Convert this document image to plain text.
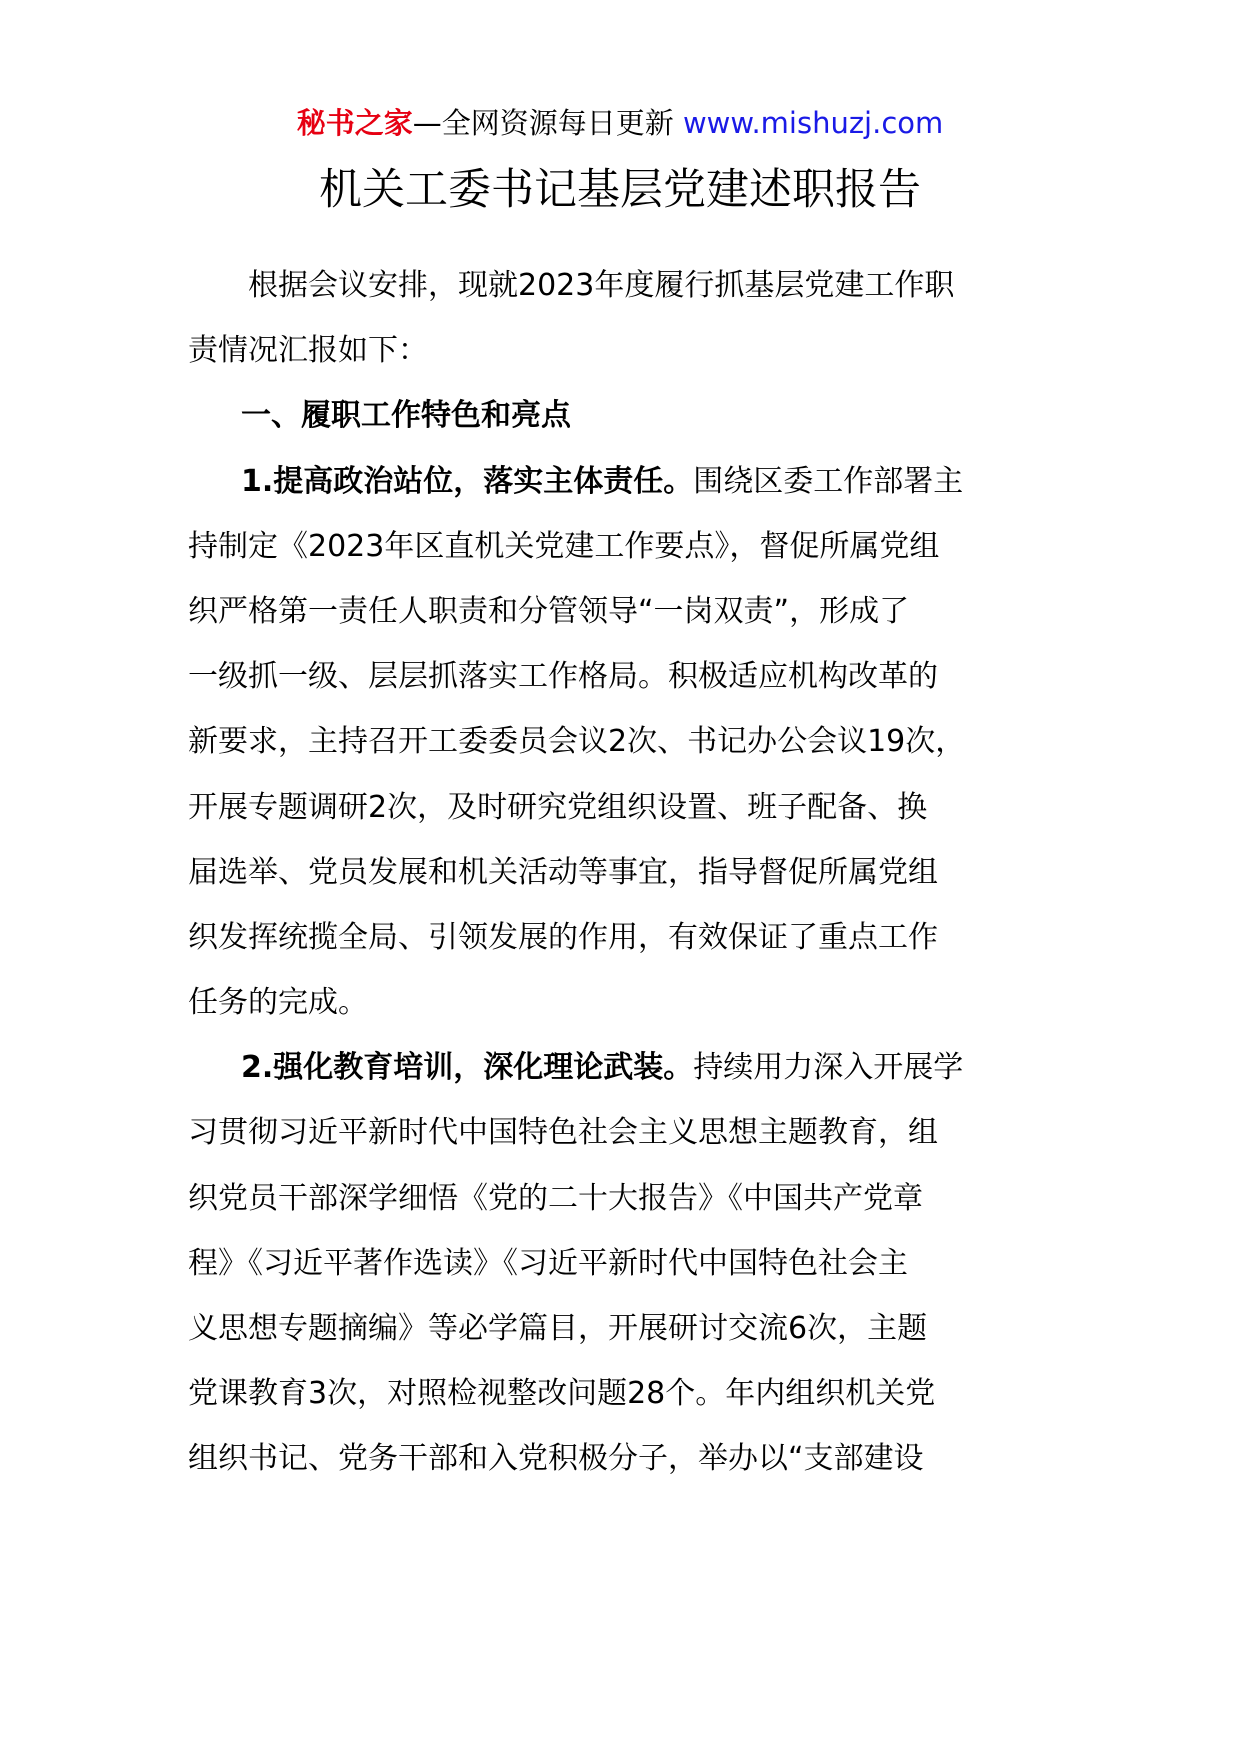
秘书之家—全网资源每日更新 www.mishuzj.com
机关工委书记基层党建述职报告
根据会议安排，现就2023年度履行抓基层党建工作职
责情况汇报如下：
一、履职工作特色和亮点
1.提高政治站位，落实主体责任。围绕区委工作部署主
持制定《2023年区直机关党建工作要点》，督促所属党组
织严格第一责任人职责和分管领导“一岗双责”，形成了
一级抓一级、层层抓落实工作格局。积极适应机构改革的
新要求，主持召开工委委员会议2次、书记办公会议19次，
开展专题调研2次，及时研究党组织设置、班子配备、换
届选举、党员发展和机关活动等事宜，指导督促所属党组
织发挥统揽全局、引领发展的作用，有效保证了重点工作
任务的完成。
2.强化教育培训，深化理论武装。持续用力深入开展学
习贯彻习近平新时代中国特色社会主义思想主题教育，组
织党员干部深学细悟《党的二十大报告》《中国共产党章
程》《习近平著作选读》《习近平新时代中国特色社会主
义思想专题摘编》等必学篇目，开展研讨交流6次，主题
党课教育3次，对照检视整改问题28个。年内组织机关党
组织书记、党务干部和入党积极分子，举办以“支部建设
